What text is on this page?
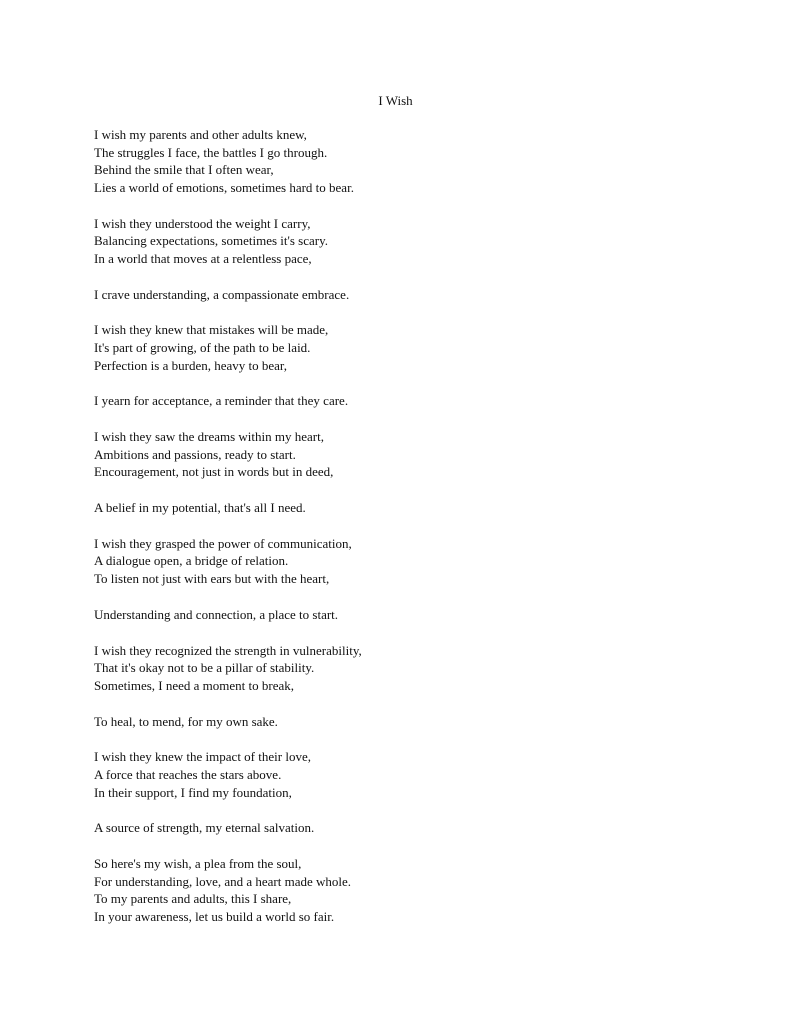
I Wish
I wish my parents and other adults knew,
The struggles I face, the battles I go through.
Behind the smile that I often wear,
Lies a world of emotions, sometimes hard to bear.
I wish they understood the weight I carry,
Balancing expectations, sometimes it's scary.
In a world that moves at a relentless pace,
I crave understanding, a compassionate embrace.
I wish they knew that mistakes will be made,
It's part of growing, of the path to be laid.
Perfection is a burden, heavy to bear,
I yearn for acceptance, a reminder that they care.
I wish they saw the dreams within my heart,
Ambitions and passions, ready to start.
Encouragement, not just in words but in deed,
A belief in my potential, that's all I need.
I wish they grasped the power of communication,
A dialogue open, a bridge of relation.
To listen not just with ears but with the heart,
Understanding and connection, a place to start.
I wish they recognized the strength in vulnerability,
That it's okay not to be a pillar of stability.
Sometimes, I need a moment to break,
To heal, to mend, for my own sake.
I wish they knew the impact of their love,
A force that reaches the stars above.
In their support, I find my foundation,
A source of strength, my eternal salvation.
So here's my wish, a plea from the soul,
For understanding, love, and a heart made whole.
To my parents and adults, this I share,
In your awareness, let us build a world so fair.
